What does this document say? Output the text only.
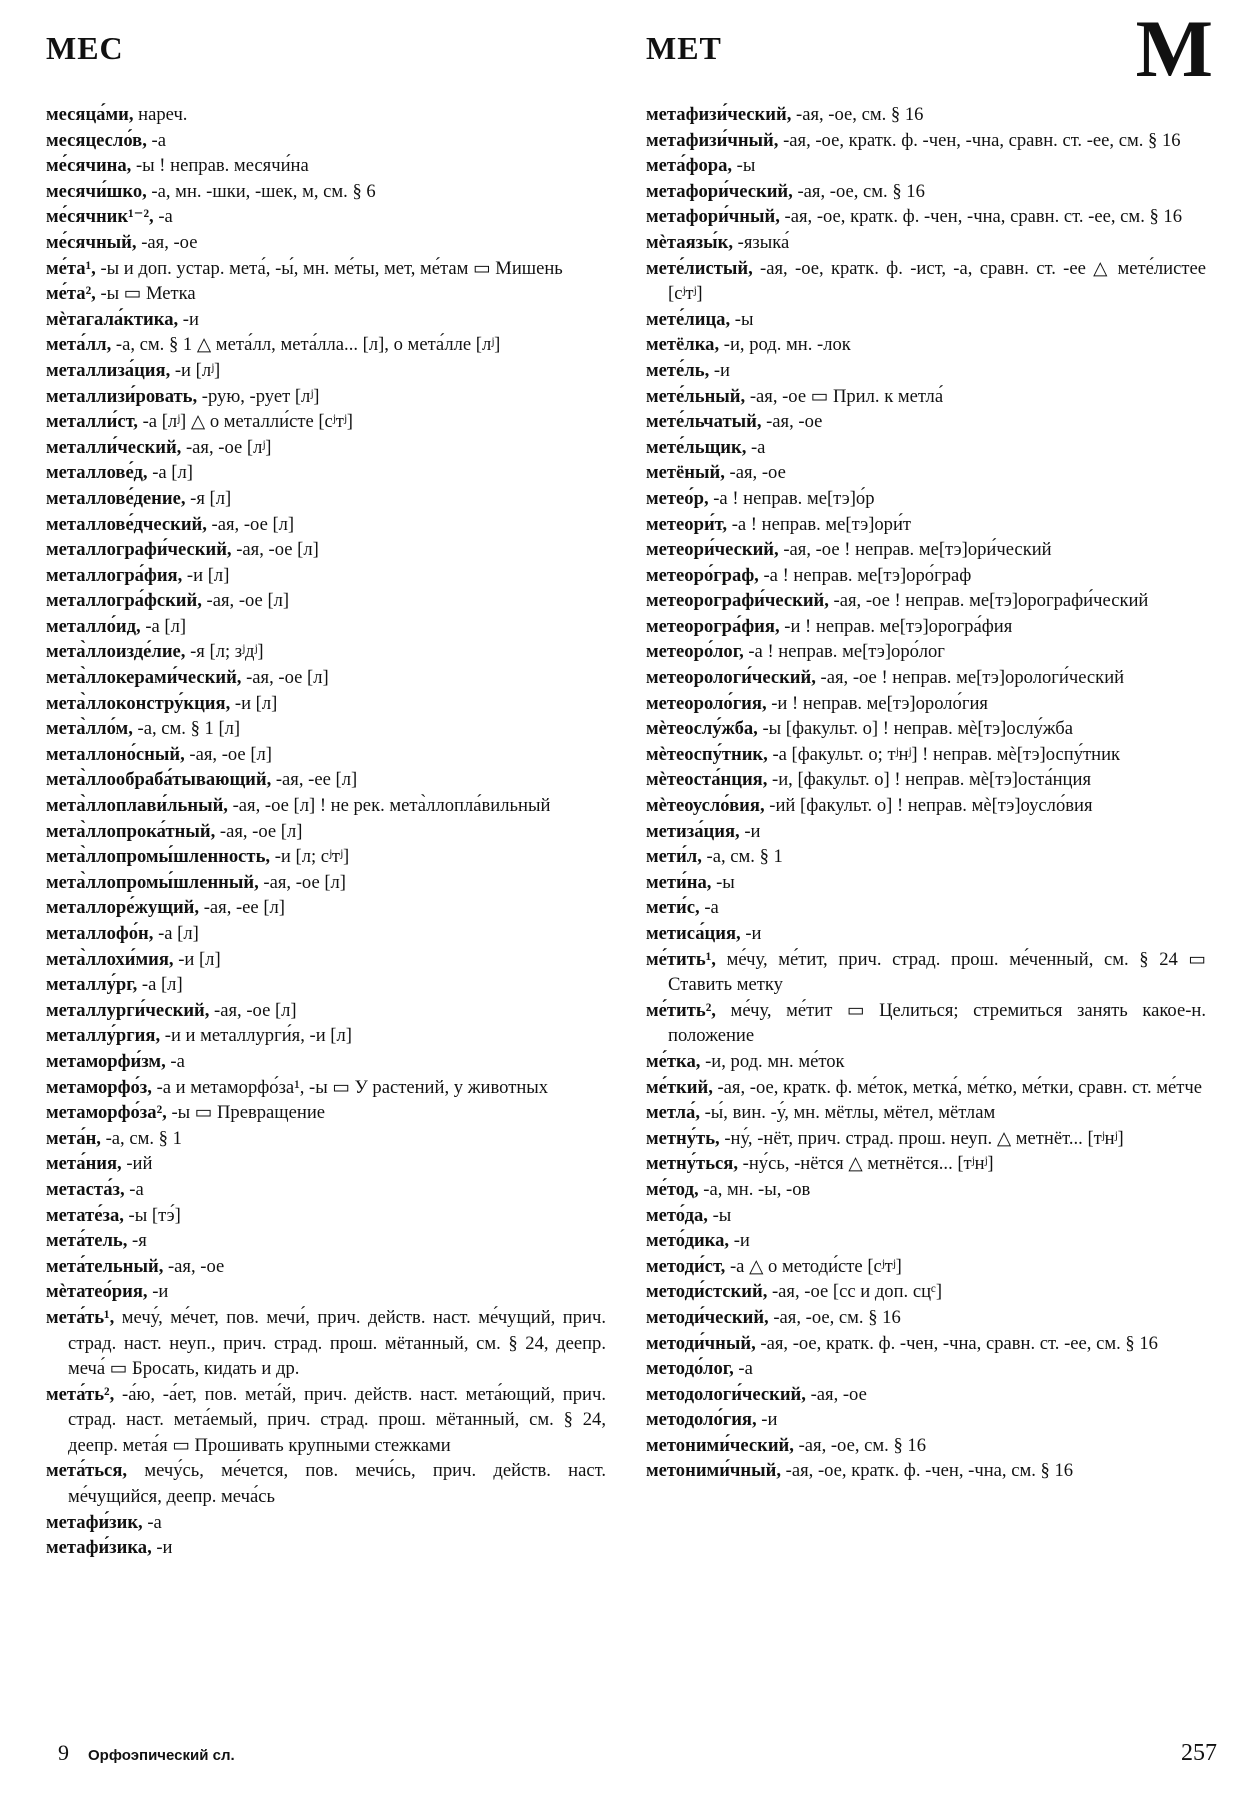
МЕС	МЕТ	М

месяца́ми, нареч.

месяцесло́в, -а

ме́сячина, -ы ! неправ. месячи́на

месячи́шко, -а, мн. -шки, -шек, м, см. § 6

ме́сячник¹⁻², -а

ме́сячный, -ая, -ое

ме́та¹, -ы и доп. устар. мета́, -ы́, мн. ме́ты, мет, ме́там ▭ Мишень

ме́та², -ы ▭ Метка

мѐтагала́ктика, -и

мета́лл, -а, см. § 1 △ мета́лл, мета́лла... [л], о мета́лле [лʲ]

металлиза́ция, -и [лʲ]

металлизи́ровать, -рую, -рует [лʲ]

металли́ст, -а [лʲ] △ о металли́сте [сʲтʲ]

металли́ческий, -ая, -ое [лʲ]

металлове́д, -а [л]

металлове́дение, -я [л]

металлове́дческий, -ая, -ое [л]

металлографи́ческий, -ая, -ое [л]

металлогра́фия, -и [л]

металлогра́фский, -ая, -ое [л]

металло́ид, -а [л]

мета̀ллоизде́лие, -я [л; зʲдʲ]

мета̀ллокерами́ческий, -ая, -ое [л]

мета̀ллоконстру́кция, -и [л]

мета̀лло́м, -а, см. § 1 [л]

металлоно́сный, -ая, -ое [л]

мета̀ллообраба́тывающий, -ая, -ее [л]

мета̀ллоплави́льный, -ая, -ое [л] ! не рек. мета̀ллопла́вильный

мета̀ллопрока́тный, -ая, -ое [л]

мета̀ллопромы́шленность, -и [л; сʲтʲ]

мета̀ллопромы́шленный, -ая, -ое [л]

металлоре́жущий, -ая, -ее [л]

металлофо́н, -а [л]

мета̀ллохи́мия, -и [л]

металлу́рг, -а [л]

металлурги́ческий, -ая, -ое [л]

металлу́ргия, -и и металлурги́я, -и [л]

метаморфи́зм, -а

метаморфо́з, -а и метаморфо́за¹, -ы ▭ У растений, у животных

метаморфо́за², -ы ▭ Превращение

мета́н, -а, см. § 1

мета́ния, -ий

метаста́з, -а

метате́за, -ы [тэ́]

мета́тель, -я

мета́тельный, -ая, -ое

мѐтатео́рия, -и

мета́ть¹, мечу́, ме́чет, пов. мечи́, прич. действ. наст. ме́чущий, прич. страд. наст. неуп., прич. страд. прош. мётанный, см. § 24, деепр. меча́ ▭ Бросать, кидать и др.

мета́ть², -а́ю, -а́ет, пов. мета́й, прич. действ. наст. мета́ющий, прич. страд. наст. мета́емый, прич. страд. прош. мётанный, см. § 24, деепр. мета́я ▭ Прошивать крупными стежками

мета́ться, мечу́сь, ме́чется, пов. мечи́сь, прич. действ. наст. ме́чущийся, деепр. меча́сь

метафи́зик, -а

метафи́зика, -и

метафизи́ческий, -ая, -ое, см. § 16

метафизи́чный, -ая, -ое, кратк. ф. -чен, -чна, сравн. ст. -ее, см. § 16

мета́фора, -ы

метафори́ческий, -ая, -ое, см. § 16

метафори́чный, -ая, -ое, кратк. ф. -чен, -чна, сравн. ст. -ее, см. § 16

мѐтаязы́к, -языка́

мете́листый, -ая, -ое, кратк. ф. -ист, -а, сравн. ст. -ее △ мете́листее [сʲтʲ]

мете́лица, -ы

метёлка, -и, род. мн. -лок

мете́ль, -и

мете́льный, -ая, -ое ▭ Прил. к метла́

мете́льчатый, -ая, -ое

мете́льщик, -а

метёный, -ая, -ое

метео́р, -а ! неправ. ме[тэ]о́р

метеори́т, -а ! неправ. ме[тэ]ори́т

метеори́ческий, -ая, -ое ! неправ. ме[тэ]ори́ческий

метеоро́граф, -а ! неправ. ме[тэ]оро́граф

метеорографи́ческий, -ая, -ое ! неправ. ме[тэ]орографи́ческий

метеорогра́фия, -и ! неправ. ме[тэ]орогра́фия

метеоро́лог, -а ! неправ. ме[тэ]оро́лог

метеорологи́ческий, -ая, -ое ! неправ. ме[тэ]орологи́ческий

метеороло́гия, -и ! неправ. ме[тэ]ороло́гия

мѐтеослу́жба, -ы [факульт. о] ! неправ. мѐ[тэ]ослу́жба

мѐтеоспу́тник, -а [факульт. о; тʲнʲ] ! неправ. мѐ[тэ]оспу́тник

мѐтеоста́нция, -и, [факульт. о] ! неправ. мѐ[тэ]оста́нция

мѐтеоусло́вия, -ий [факульт. о] ! неправ. мѐ[тэ]оусло́вия

метиза́ция, -и

мети́л, -а, см. § 1

мети́на, -ы

мети́с, -а

метиса́ция, -и

ме́тить¹, ме́чу, ме́тит, прич. страд. прош. ме́ченный, см. § 24 ▭ Ставить метку

ме́тить², ме́чу, ме́тит ▭ Целиться; стремиться занять какое-н. положение

ме́тка, -и, род. мн. ме́ток

ме́ткий, -ая, -ое, кратк. ф. ме́ток, метка́, ме́тко, ме́тки, сравн. ст. ме́тче

метла́, -ы́, вин. -у́, мн. мётлы, мётел, мётлам

метну́ть, -ну́, -нёт, прич. страд. прош. неуп. △ метнёт... [тʲнʲ]

метну́ться, -ну́сь, -нётся △ метнётся... [тʲнʲ]

ме́тод, -а, мн. -ы, -ов

мето́да, -ы

мето́дика, -и

методи́ст, -а △ о методи́сте [сʲтʲ]

методи́стский, -ая, -ое [сс и доп. сцᶜ]

методи́ческий, -ая, -ое, см. § 16

методи́чный, -ая, -ое, кратк. ф. -чен, -чна, сравн. ст. -ее, см. § 16

методо́лог, -а

методологи́ческий, -ая, -ое

методоло́гия, -и

метоними́ческий, -ая, -ое, см. § 16

метоними́чный, -ая, -ое, кратк. ф. -чен, -чна, см. § 16

9 Орфоэпический сл.	257
